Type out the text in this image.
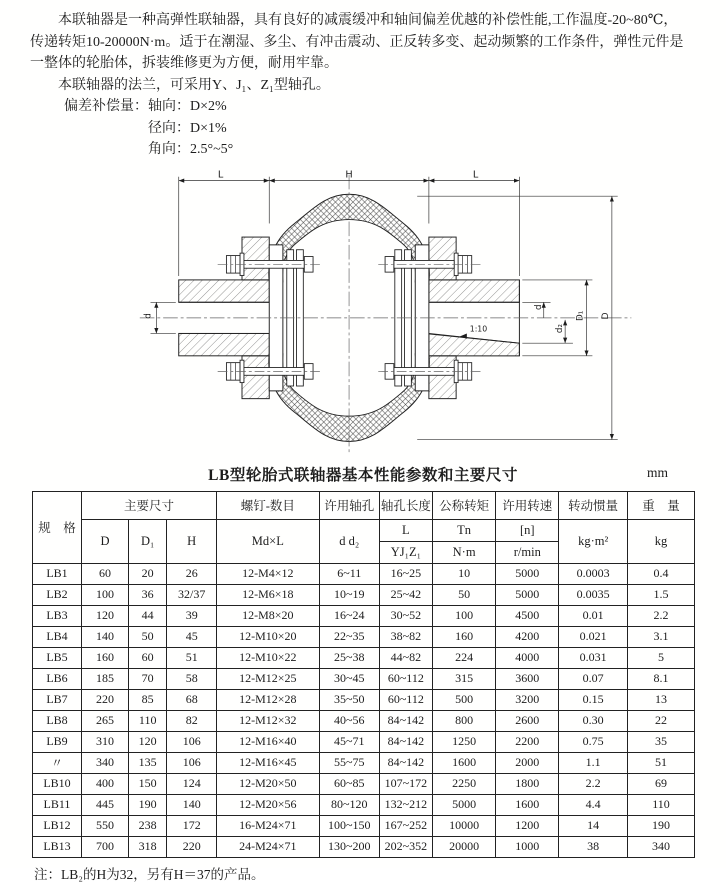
本联轴器是一种高弹性联轴器，具有良好的减震缓冲和轴间偏差优越的补偿性能,工作温度-20~80℃，
传递转矩10-20000N·m。适于在潮湿、多尘、有冲击震动、正反转多变、起动频繁的工作条件，弹性元件是
一整体的轮胎体，拆装维修更为方便，耐用牢靠。
本联轴器的法兰，可采用Y、J₁、Z₁型轴孔。
偏差补偿量：轴向：D×2%
径向：D×1%
角向：2.5°~5°
L	H	L
d
d
d₂
D₁ D
1:10
LB型轮胎式联轴器基本性能参数和主要尺寸	mm
规　格	主要尺寸			螺钉-数目	许用轴孔	轴孔长度	公称转矩	许用转速	转动惯量	重　量
	D	D₁	H	Md×L	d d₂	L	Tn	[n]	kg·m²	kg
						YJ₁Z₁	N·m	r/min		
LB1	60	20	26	12-M4×12	6~11	16~25	10	5000	0.0003	0.4
LB2	100	36	32/37	12-M6×18	10~19	25~42	50	5000	0.0035	1.5
LB3	120	44	39	12-M8×20	16~24	30~52	100	4500	0.01	2.2
LB4	140	50	45	12-M10×20	22~35	38~82	160	4200	0.021	3.1
LB5	160	60	51	12-M10×22	25~38	44~82	224	4000	0.031	5
LB6	185	70	58	12-M12×25	30~45	60~112	315	3600	0.07	8.1
LB7	220	85	68	12-M12×28	35~50	60~112	500	3200	0.15	13
LB8	265	110	82	12-M12×32	40~56	84~142	800	2600	0.30	22
LB9	310	120	106	12-M16×40	45~71	84~142	1250	2200	0.75	35
〃	340	135	106	12-M16×45	55~75	84~142	1600	2000	1.1	51
LB10	400	150	124	12-M20×50	60~85	107~172	2250	1800	2.2	69
LB11	445	190	140	12-M20×56	80~120	132~212	5000	1600	4.4	110
LB12	550	238	172	16-M24×71	100~150	167~252	10000	1200	14	190
LB13	700	318	220	24-M24×71	130~200	202~352	20000	1000	38	340
注：LB₂的H为32，另有H＝37的产品。
